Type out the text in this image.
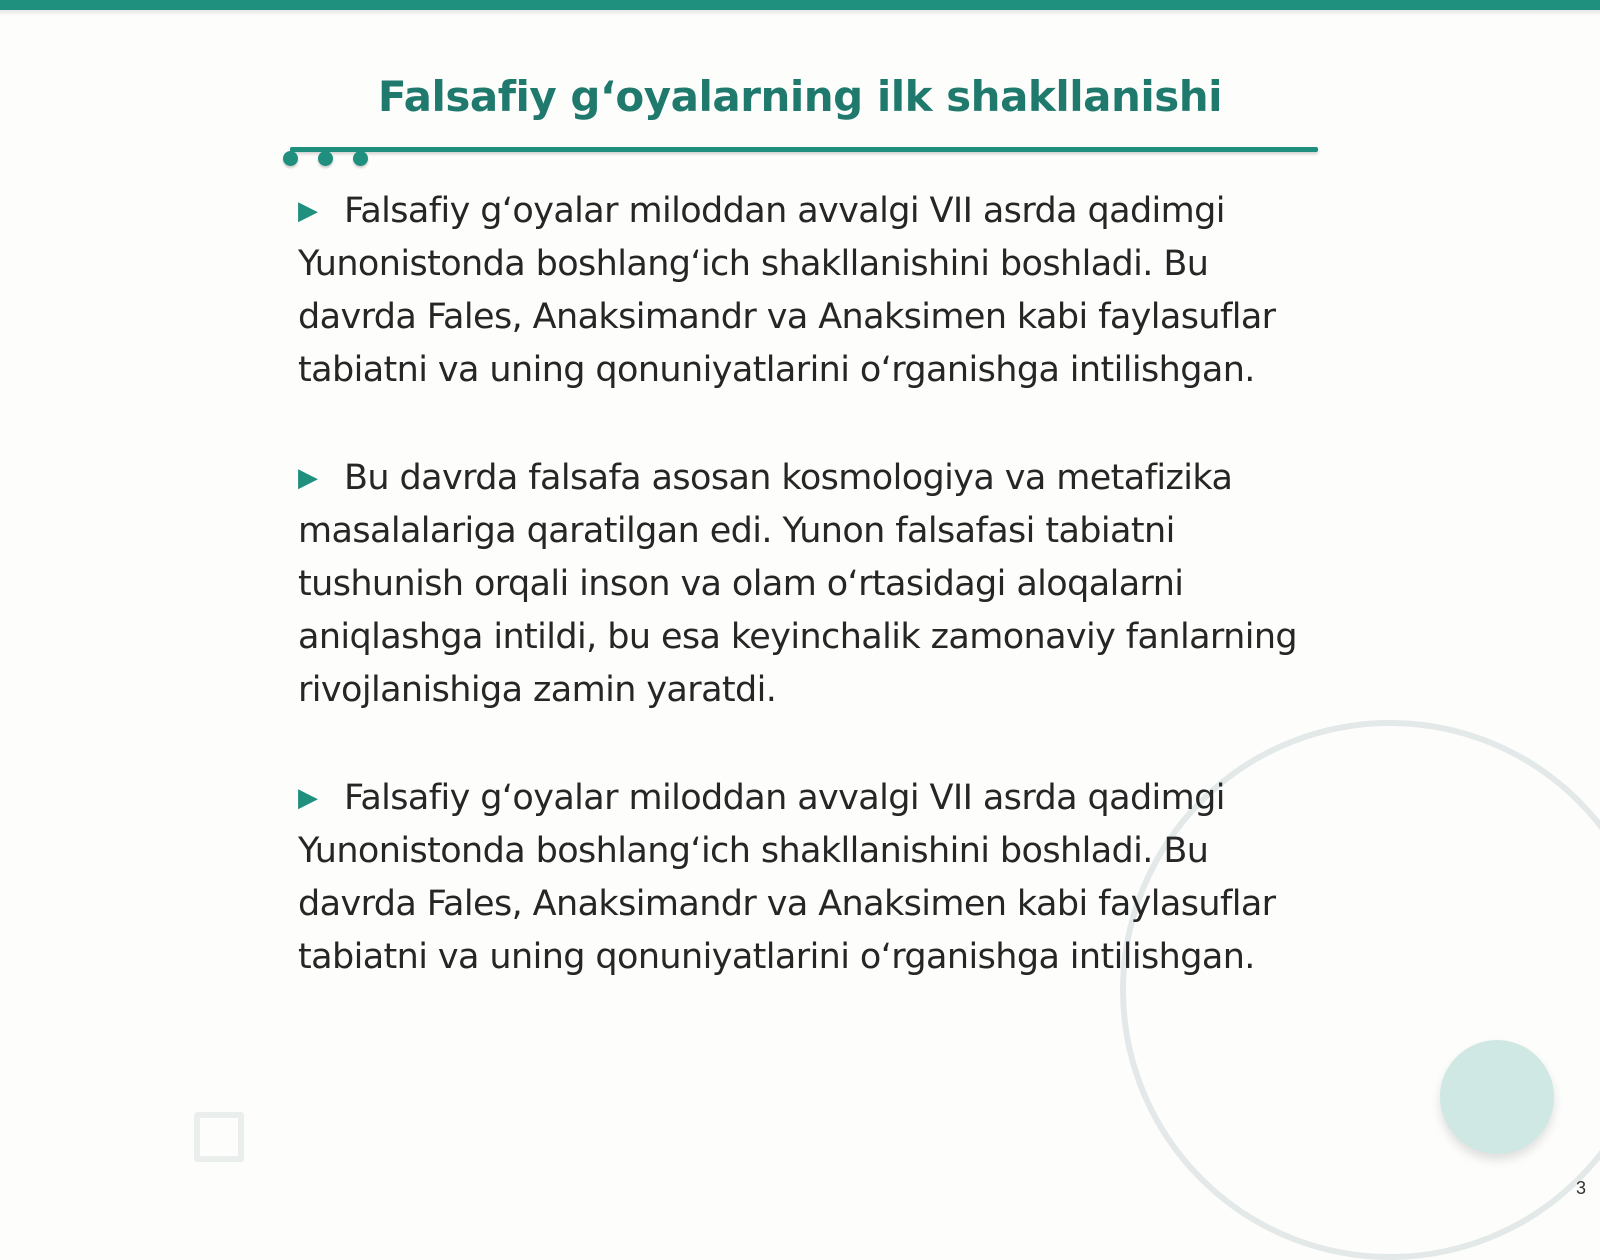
Falsafiy g‘oyalarning ilk shakllanishi

▶ Falsafiy g‘oyalar miloddan avvalgi VII asrda qadimgi Yunonistonda boshlang‘ich shakllanishini boshladi. Bu davrda Fales, Anaksimandr va Anaksimen kabi faylasuflar tabiatni va uning qonuniyatlarini o‘rganishga intilishgan.

▶ Bu davrda falsafa asosan kosmologiya va metafizika masalalariga qaratilgan edi. Yunon falsafasi tabiatni tushunish orqali inson va olam o‘rtasidagi aloqalarni aniqlashga intildi, bu esa keyinchalik zamonaviy fanlarning rivojlanishiga zamin yaratdi.

▶ Falsafiy g‘oyalar miloddan avvalgi VII asrda qadimgi Yunonistonda boshlang‘ich shakllanishini boshladi. Bu davrda Fales, Anaksimandr va Anaksimen kabi faylasuflar tabiatni va uning qonuniyatlarini o‘rganishga intilishgan.

3
